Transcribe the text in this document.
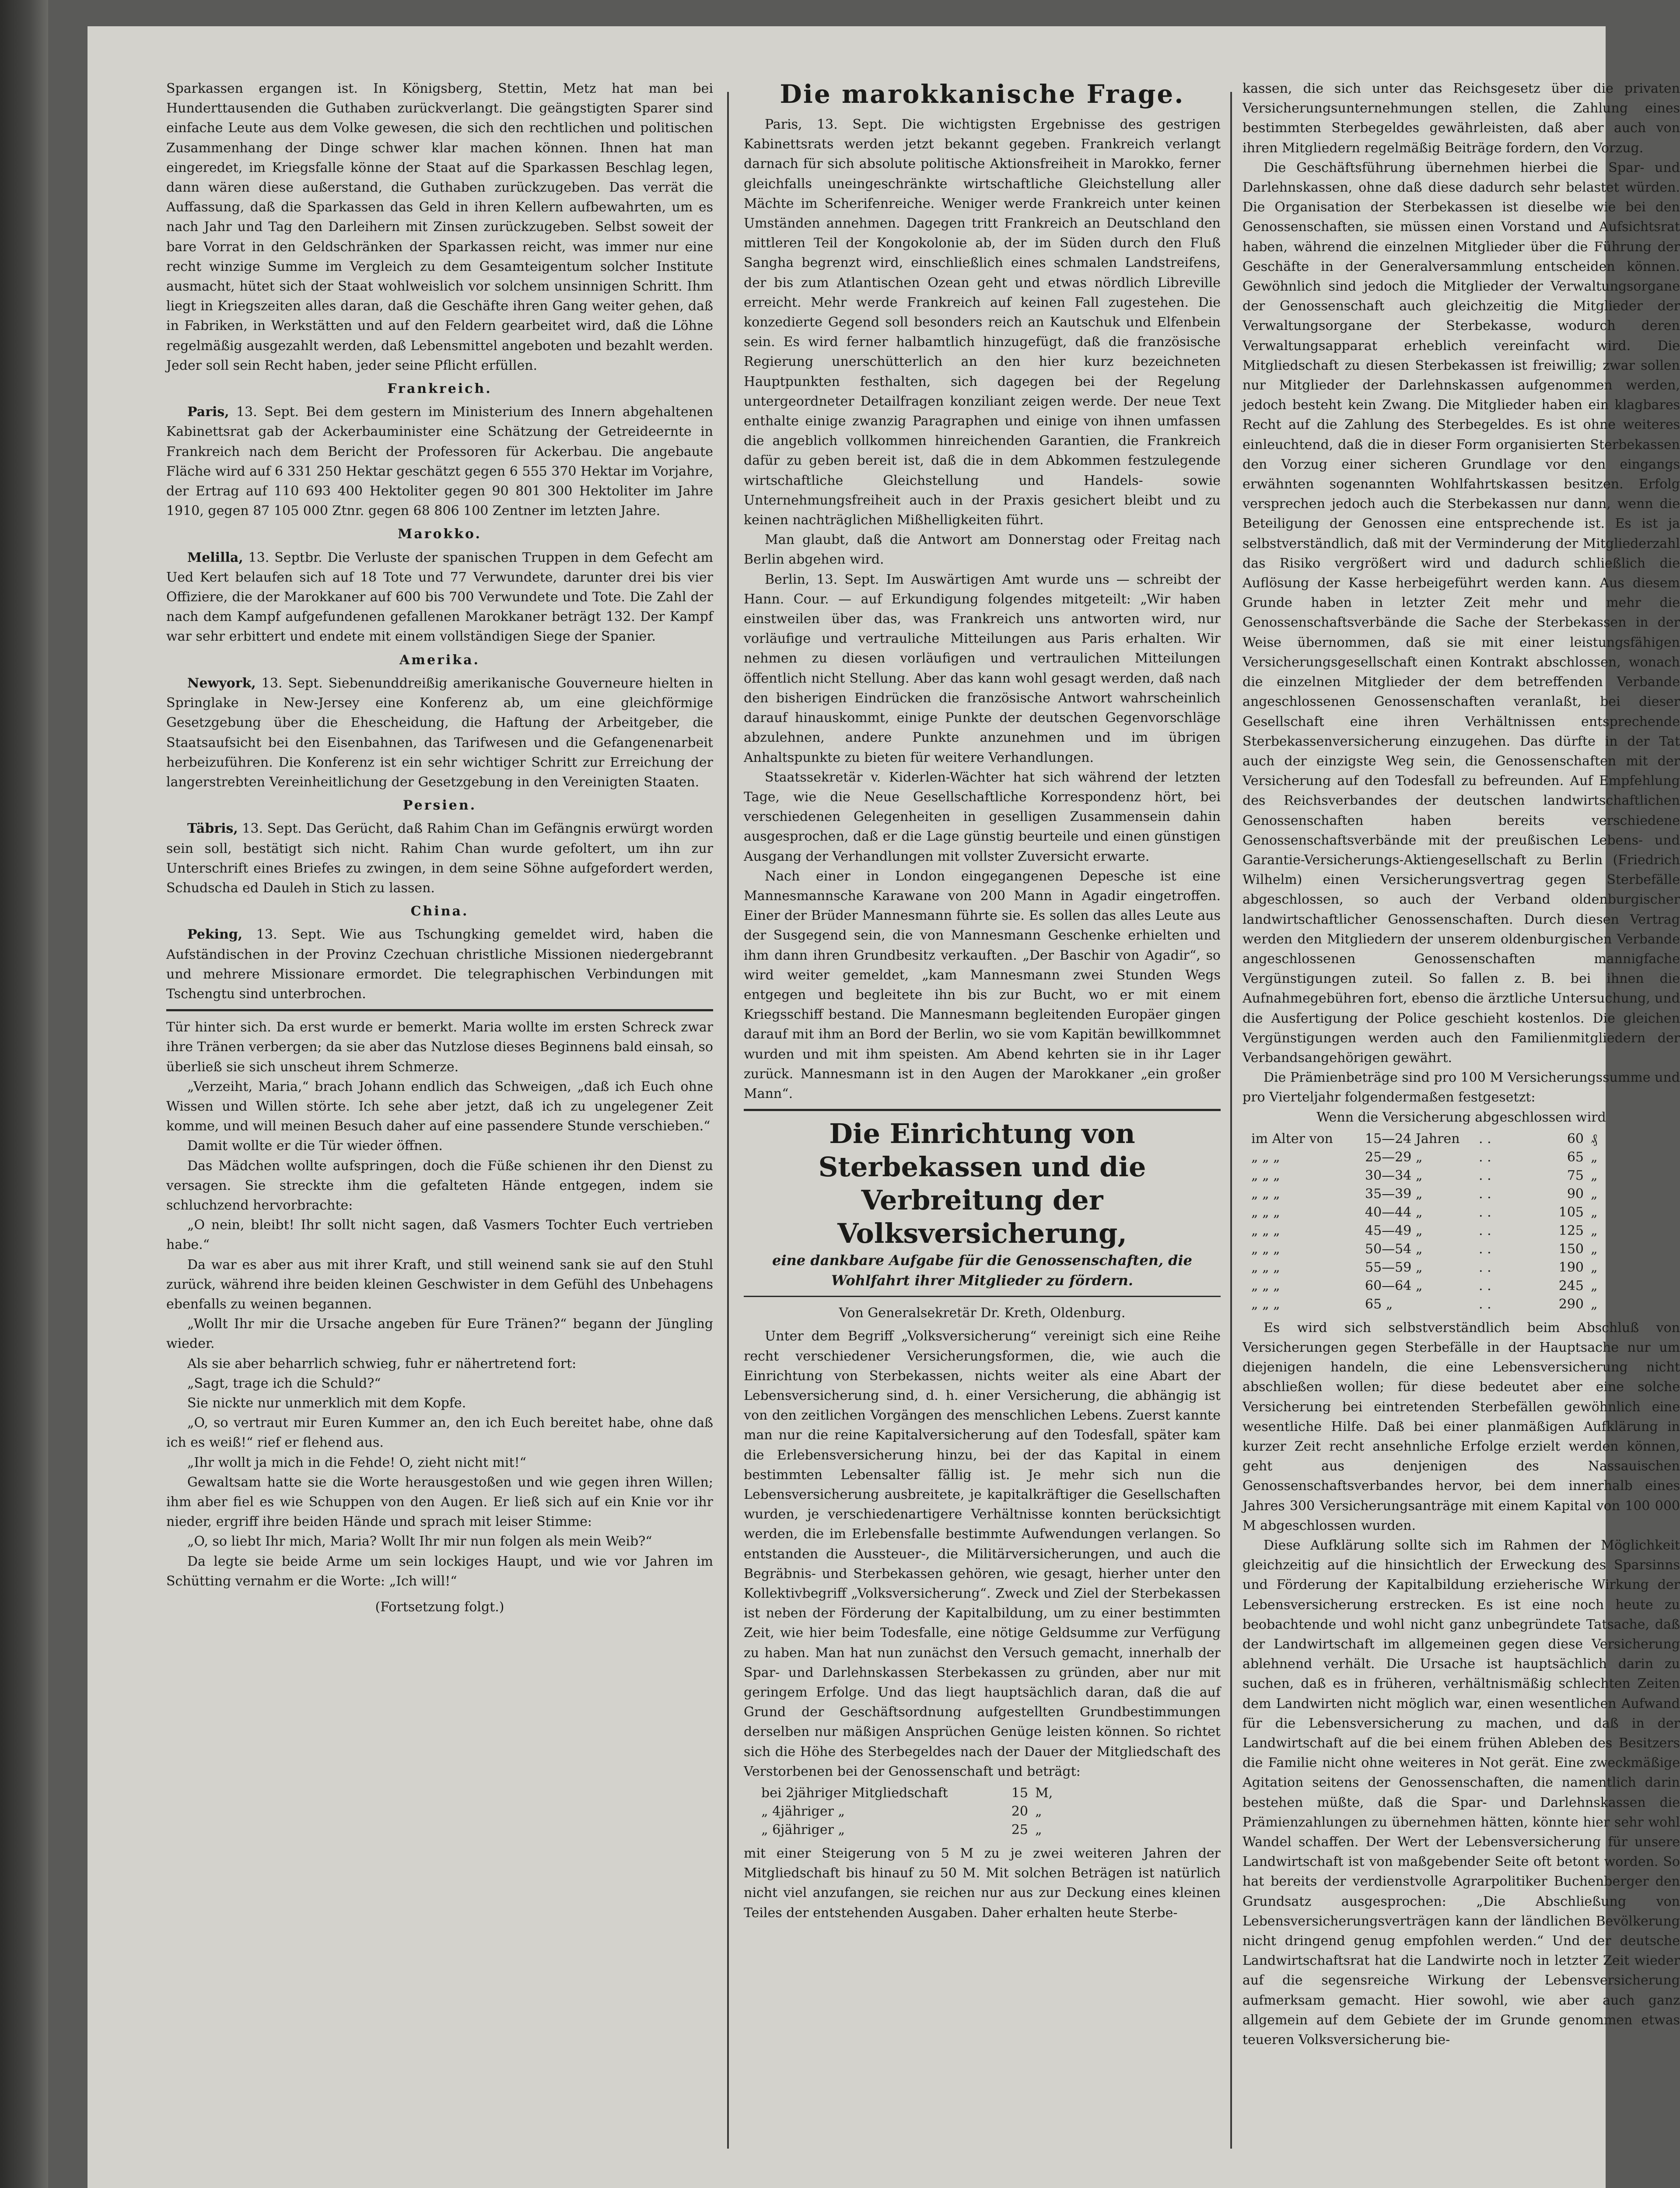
Sparkassen ergangen ist. In Königsberg, Stettin, Metz hat man bei Hunderttausenden die Guthaben zurückverlangt. Die geängstigten Sparer sind einfache Leute aus dem Volke gewesen, die sich den rechtlichen und politischen Zusammenhang der Dinge schwer klar machen können. Ihnen hat man eingeredet, im Kriegsfalle könne der Staat auf die Sparkassen Beschlag legen, dann wären diese außerstand, die Guthaben zurückzugeben. Das verrät die Auffassung, daß die Sparkassen das Geld in ihren Kellern aufbewahrten, um es nach Jahr und Tag den Darleihern mit Zinsen zurückzugeben. Selbst soweit der bare Vorrat in den Geldschränken der Sparkassen reicht, was immer nur eine recht winzige Summe im Vergleich zu dem Gesamteigentum solcher Institute ausmacht, hütet sich der Staat wohlweislich vor solchem unsinnigen Schritt. Ihm liegt in Kriegszeiten alles daran, daß die Geschäfte ihren Gang weiter gehen, daß in Fabriken, in Werkstätten und auf den Feldern gearbeitet wird, daß die Löhne regelmäßig ausgezahlt werden, daß Lebensmittel angeboten und bezahlt werden. Jeder soll sein Recht haben, jeder seine Pflicht erfüllen.

Frankreich.

Paris, 13. Sept. Bei dem gestern im Ministerium des Innern abgehaltenen Kabinettsrat gab der Ackerbauminister eine Schätzung der Getreideernte in Frankreich nach dem Bericht der Professoren für Ackerbau. Die angebaute Fläche wird auf 6 331 250 Hektar geschätzt gegen 6 555 370 Hektar im Vorjahre, der Ertrag auf 110 693 400 Hektoliter gegen 90 801 300 Hektoliter im Jahre 1910, gegen 87 105 000 Ztnr. gegen 68 806 100 Zentner im letzten Jahre.

Marokko.

Melilla, 13. Septbr. Die Verluste der spanischen Truppen in dem Gefecht am Ued Kert belaufen sich auf 18 Tote und 77 Verwundete, darunter drei bis vier Offiziere, die der Marokkaner auf 600 bis 700 Verwundete und Tote. Die Zahl der nach dem Kampf aufgefundenen gefallenen Marokkaner beträgt 132. Der Kampf war sehr erbittert und endete mit einem vollständigen Siege der Spanier.

Amerika.

Newyork, 13. Sept. Siebenunddreißig amerikanische Gouverneure hielten in Springlake in New-Jersey eine Konferenz ab, um eine gleichförmige Gesetzgebung über die Ehescheidung, die Haftung der Arbeitgeber, die Staatsaufsicht bei den Eisenbahnen, das Tarifwesen und die Gefangenenarbeit herbeizuführen. Die Konferenz ist ein sehr wichtiger Schritt zur Erreichung der langerstrebten Vereinheitlichung der Gesetzgebung in den Vereinigten Staaten.

Persien.

Täbris, 13. Sept. Das Gerücht, daß Rahim Chan im Gefängnis erwürgt worden sein soll, bestätigt sich nicht. Rahim Chan wurde gefoltert, um ihn zur Unterschrift eines Briefes zu zwingen, in dem seine Söhne aufgefordert werden, Schudscha ed Dauleh in Stich zu lassen.

China.

Peking, 13. Sept. Wie aus Tschungking gemeldet wird, haben die Aufständischen in der Provinz Czechuan christliche Missionen niedergebrannt und mehrere Missionare ermordet. Die telegraphischen Verbindungen mit Tschengtu sind unterbrochen.

Tür hinter sich. Da erst wurde er bemerkt. Maria wollte im ersten Schreck zwar ihre Tränen verbergen; da sie aber das Nutzlose dieses Beginnens bald einsah, so überließ sie sich unscheut ihrem Schmerze.

„Verzeiht, Maria,“ brach Johann endlich das Schweigen, „daß ich Euch ohne Wissen und Willen störte. Ich sehe aber jetzt, daß ich zu ungelegener Zeit komme, und will meinen Besuch daher auf eine passendere Stunde verschieben.“

Damit wollte er die Tür wieder öffnen.

Das Mädchen wollte aufspringen, doch die Füße schienen ihr den Dienst zu versagen. Sie streckte ihm die gefalteten Hände entgegen, indem sie schluchzend hervorbrachte:

„O nein, bleibt! Ihr sollt nicht sagen, daß Vasmers Tochter Euch vertrieben habe.“

Da war es aber aus mit ihrer Kraft, und still weinend sank sie auf den Stuhl zurück, während ihre beiden kleinen Geschwister in dem Gefühl des Unbehagens ebenfalls zu weinen begannen.

„Wollt Ihr mir die Ursache angeben für Eure Tränen?“ begann der Jüngling wieder.

Als sie aber beharrlich schwieg, fuhr er nähertretend fort:

„Sagt, trage ich die Schuld?“

Sie nickte nur unmerklich mit dem Kopfe.

„O, so vertraut mir Euren Kummer an, den ich Euch bereitet habe, ohne daß ich es weiß!“ rief er flehend aus.

„Ihr wollt ja mich in die Fehde! O, zieht nicht mit!“

Gewaltsam hatte sie die Worte herausgestoßen und wie gegen ihren Willen; ihm aber fiel es wie Schuppen von den Augen. Er ließ sich auf ein Knie vor ihr nieder, ergriff ihre beiden Hände und sprach mit leiser Stimme:

„O, so liebt Ihr mich, Maria? Wollt Ihr mir nun folgen als mein Weib?“

Da legte sie beide Arme um sein lockiges Haupt, und wie vor Jahren im Schütting vernahm er die Worte: „Ich will!“

(Fortsetzung folgt.)
Die marokkanische Frage.

Paris, 13. Sept. Die wichtigsten Ergebnisse des gestrigen Kabinettsrats werden jetzt bekannt gegeben. Frankreich verlangt darnach für sich absolute politische Aktionsfreiheit in Marokko, ferner gleichfalls uneingeschränkte wirtschaftliche Gleichstellung aller Mächte im Scherifenreiche. Weniger werde Frankreich unter keinen Umständen annehmen. Dagegen tritt Frankreich an Deutschland den mittleren Teil der Kongokolonie ab, der im Süden durch den Fluß Sangha begrenzt wird, einschließlich eines schmalen Landstreifens, der bis zum Atlantischen Ozean geht und etwas nördlich Libreville erreicht. Mehr werde Frankreich auf keinen Fall zugestehen. Die konzedierte Gegend soll besonders reich an Kautschuk und Elfenbein sein. Es wird ferner halbamtlich hinzugefügt, daß die französische Regierung unerschütterlich an den hier kurz bezeichneten Hauptpunkten festhalten, sich dagegen bei der Regelung untergeordneter Detailfragen konziliant zeigen werde. Der neue Text enthalte einige zwanzig Paragraphen und einige von ihnen umfassen die angeblich vollkommen hinreichenden Garantien, die Frankreich dafür zu geben bereit ist, daß die in dem Abkommen festzulegende wirtschaftliche Gleichstellung und Handels- sowie Unternehmungsfreiheit auch in der Praxis gesichert bleibt und zu keinen nachträglichen Mißhelligkeiten führt.

Man glaubt, daß die Antwort am Donnerstag oder Freitag nach Berlin abgehen wird.

Berlin, 13. Sept. Im Auswärtigen Amt wurde uns — schreibt der Hann. Cour. — auf Erkundigung folgendes mitgeteilt: „Wir haben einstweilen über das, was Frankreich uns antworten wird, nur vorläufige und vertrauliche Mitteilungen aus Paris erhalten. Wir nehmen zu diesen vorläufigen und vertraulichen Mitteilungen öffentlich nicht Stellung. Aber das kann wohl gesagt werden, daß nach den bisherigen Eindrücken die französische Antwort wahrscheinlich darauf hinauskommt, einige Punkte der deutschen Gegenvorschläge abzulehnen, andere Punkte anzunehmen und im übrigen Anhaltspunkte zu bieten für weitere Verhandlungen.

Staatssekretär v. Kiderlen-Wächter hat sich während der letzten Tage, wie die Neue Gesellschaftliche Korrespondenz hört, bei verschiedenen Gelegenheiten in geselligen Zusammensein dahin ausgesprochen, daß er die Lage günstig beurteile und einen günstigen Ausgang der Verhandlungen mit vollster Zuversicht erwarte.

Nach einer in London eingegangenen Depesche ist eine Mannesmannsche Karawane von 200 Mann in Agadir eingetroffen. Einer der Brüder Mannesmann führte sie. Es sollen das alles Leute aus der Susgegend sein, die von Mannesmann Geschenke erhielten und ihm dann ihren Grundbesitz verkauften. „Der Baschir von Agadir“, so wird weiter gemeldet, „kam Mannesmann zwei Stunden Wegs entgegen und begleitete ihn bis zur Bucht, wo er mit einem Kriegsschiff bestand. Die Mannesmann begleitenden Europäer gingen darauf mit ihm an Bord der Berlin, wo sie vom Kapitän bewillkommnet wurden und mit ihm speisten. Am Abend kehrten sie in ihr Lager zurück. Mannesmann ist in den Augen der Marokkaner „ein großer Mann“.

Die Einrichtung von Sterbekassen und die Verbreitung der Volksversicherung,
eine dankbare Aufgabe für die Genossenschaften, die Wohlfahrt ihrer Mitglieder zu fördern.
Von Generalsekretär Dr. Kreth, Oldenburg.

Unter dem Begriff „Volksversicherung“ vereinigt sich eine Reihe recht verschiedener Versicherungsformen, die, wie auch die Einrichtung von Sterbekassen, nichts weiter als eine Abart der Lebensversicherung sind, d. h. einer Versicherung, die abhängig ist von den zeitlichen Vorgängen des menschlichen Lebens. Zuerst kannte man nur die reine Kapitalversicherung auf den Todesfall, später kam die Erlebensversicherung hinzu, bei der das Kapital in einem bestimmten Lebensalter fällig ist. Je mehr sich nun die Lebensversicherung ausbreitete, je kapitalkräftiger die Gesellschaften wurden, je verschiedenartigere Verhältnisse konnten berücksichtigt werden, die im Erlebensfalle bestimmte Aufwendungen verlangen. So entstanden die Aussteuer-, die Militärversicherungen, und auch die Begräbnis- und Sterbekassen gehören, wie gesagt, hierher unter den Kollektivbegriff „Volksversicherung“. Zweck und Ziel der Sterbekassen ist neben der Förderung der Kapitalbildung, um zu einer bestimmten Zeit, wie hier beim Todesfalle, eine nötige Geldsumme zur Verfügung zu haben. Man hat nun zunächst den Versuch gemacht, innerhalb der Spar- und Darlehnskassen Sterbekassen zu gründen, aber nur mit geringem Erfolge. Und das liegt hauptsächlich daran, daß die auf Grund der Geschäftsordnung aufgestellten Grundbestimmungen derselben nur mäßigen Ansprüchen Genüge leisten können. So richtet sich die Höhe des Sterbegeldes nach der Dauer der Mitgliedschaft des Verstorbenen bei der Genossenschaft und beträgt:

bei 2jähriger Mitgliedschaft	15 M,
„ 4jähriger „	20 „
„ 6jähriger „	25 „

mit einer Steigerung von 5 M zu je zwei weiteren Jahren der Mitgliedschaft bis hinauf zu 50 M. Mit solchen Beträgen ist natürlich nicht viel anzufangen, sie reichen nur aus zur Deckung eines kleinen Teiles der entstehenden Ausgaben. Daher erhalten heute Sterbe-

kassen, die sich unter das Reichsgesetz über die privaten Versicherungsunternehmungen stellen, die Zahlung eines bestimmten Sterbegeldes gewährleisten, daß aber auch von ihren Mitgliedern regelmäßig Beiträge fordern, den Vorzug.

Die Geschäftsführung übernehmen hierbei die Spar- und Darlehnskassen, ohne daß diese dadurch sehr belastet würden. Die Organisation der Sterbekassen ist dieselbe wie bei den Genossenschaften, sie müssen einen Vorstand und Aufsichtsrat haben, während die einzelnen Mitglieder über die Führung der Geschäfte in der Generalversammlung entscheiden können. Gewöhnlich sind jedoch die Mitglieder der Verwaltungsorgane der Genossenschaft auch gleichzeitig die Mitglieder der Verwaltungsorgane der Sterbekasse, wodurch deren Verwaltungsapparat erheblich vereinfacht wird. Die Mitgliedschaft zu diesen Sterbekassen ist freiwillig; zwar sollen nur Mitglieder der Darlehnskassen aufgenommen werden, jedoch besteht kein Zwang. Die Mitglieder haben ein klagbares Recht auf die Zahlung des Sterbegeldes. Es ist ohne weiteres einleuchtend, daß die in dieser Form organisierten Sterbekassen den Vorzug einer sicheren Grundlage vor den eingangs erwähnten sogenannten Wohlfahrtskassen besitzen. Erfolg versprechen jedoch auch die Sterbekassen nur dann, wenn die Beteiligung der Genossen eine entsprechende ist. Es ist ja selbstverständlich, daß mit der Verminderung der Mitgliederzahl das Risiko vergrößert wird und dadurch schließlich die Auflösung der Kasse herbeigeführt werden kann. Aus diesem Grunde haben in letzter Zeit mehr und mehr die Genossenschaftsverbände die Sache der Sterbekassen in der Weise übernommen, daß sie mit einer leistungsfähigen Versicherungsgesellschaft einen Kontrakt abschlossen, wonach die einzelnen Mitglieder der dem betreffenden Verbande angeschlossenen Genossenschaften veranlaßt, bei dieser Gesellschaft eine ihren Verhältnissen entsprechende Sterbekassenversicherung einzugehen. Das dürfte in der Tat auch der einzigste Weg sein, die Genossenschaften mit der Versicherung auf den Todesfall zu befreunden. Auf Empfehlung des Reichsverbandes der deutschen landwirtschaftlichen Genossenschaften haben bereits verschiedene Genossenschaftsverbände mit der preußischen Lebens- und Garantie-Versicherungs-Aktiengesellschaft zu Berlin (Friedrich Wilhelm) einen Versicherungsvertrag gegen Sterbefälle abgeschlossen, so auch der Verband oldenburgischer landwirtschaftlicher Genossenschaften. Durch diesen Vertrag werden den Mitgliedern der unserem oldenburgischen Verbande angeschlossenen Genossenschaften mannigfache Vergünstigungen zuteil. So fallen z. B. bei ihnen die Aufnahmegebühren fort, ebenso die ärztliche Untersuchung, und die Ausfertigung der Police geschieht kostenlos. Die gleichen Vergünstigungen werden auch den Familienmitgliedern der Verbandsangehörigen gewährt.

Die Prämienbeträge sind pro 100 M Versicherungssumme und pro Vierteljahr folgendermaßen festgesetzt:

Wenn die Versicherung abgeschlossen wird

im Alter von	15—24 Jahren	. .	60 ₰
„ „ „	25—29 „	. .	65 „
„ „ „	30—34 „	. .	75 „
„ „ „	35—39 „	. .	90 „
„ „ „	40—44 „	. .	105 „
„ „ „	45—49 „	. .	125 „
„ „ „	50—54 „	. .	150 „
„ „ „	55—59 „	. .	190 „
„ „ „	60—64 „	. .	245 „
„ „ „	65 „	. .	290 „

Es wird sich selbstverständlich beim Abschluß von Versicherungen gegen Sterbefälle in der Hauptsache nur um diejenigen handeln, die eine Lebensversicherung nicht abschließen wollen; für diese bedeutet aber eine solche Versicherung bei eintretenden Sterbefällen gewöhnlich eine wesentliche Hilfe. Daß bei einer planmäßigen Aufklärung in kurzer Zeit recht ansehnliche Erfolge erzielt werden können, geht aus denjenigen des Nassauischen Genossenschaftsverbandes hervor, bei dem innerhalb eines Jahres 300 Versicherungsanträge mit einem Kapital von 100 000 M abgeschlossen wurden.

Diese Aufklärung sollte sich im Rahmen der Möglichkeit gleichzeitig auf die hinsichtlich der Erweckung des Sparsinns und Förderung der Kapitalbildung erzieherische Wirkung der Lebensversicherung erstrecken. Es ist eine noch heute zu beobachtende und wohl nicht ganz unbegründete Tatsache, daß der Landwirtschaft im allgemeinen gegen diese Versicherung ablehnend verhält. Die Ursache ist hauptsächlich darin zu suchen, daß es in früheren, verhältnismäßig schlechten Zeiten dem Landwirten nicht möglich war, einen wesentlichen Aufwand für die Lebensversicherung zu machen, und daß in der Landwirtschaft auf die bei einem frühen Ableben des Besitzers die Familie nicht ohne weiteres in Not gerät. Eine zweckmäßige Agitation seitens der Genossenschaften, die namentlich darin bestehen müßte, daß die Spar- und Darlehnskassen die Prämienzahlungen zu übernehmen hätten, könnte hier sehr wohl Wandel schaffen. Der Wert der Lebensversicherung für unsere Landwirtschaft ist von maßgebender Seite oft betont worden. So hat bereits der verdienstvolle Agrarpolitiker Buchenberger den Grundsatz ausgesprochen: „Die Abschließung von Lebensversicherungsverträgen kann der ländlichen Bevölkerung nicht dringend genug empfohlen werden.“ Und der deutsche Landwirtschaftsrat hat die Landwirte noch in letzter Zeit wieder auf die segensreiche Wirkung der Lebensversicherung aufmerksam gemacht. Hier sowohl, wie aber auch ganz allgemein auf dem Gebiete der im Grunde genommen etwas teueren Volksversicherung bie-
